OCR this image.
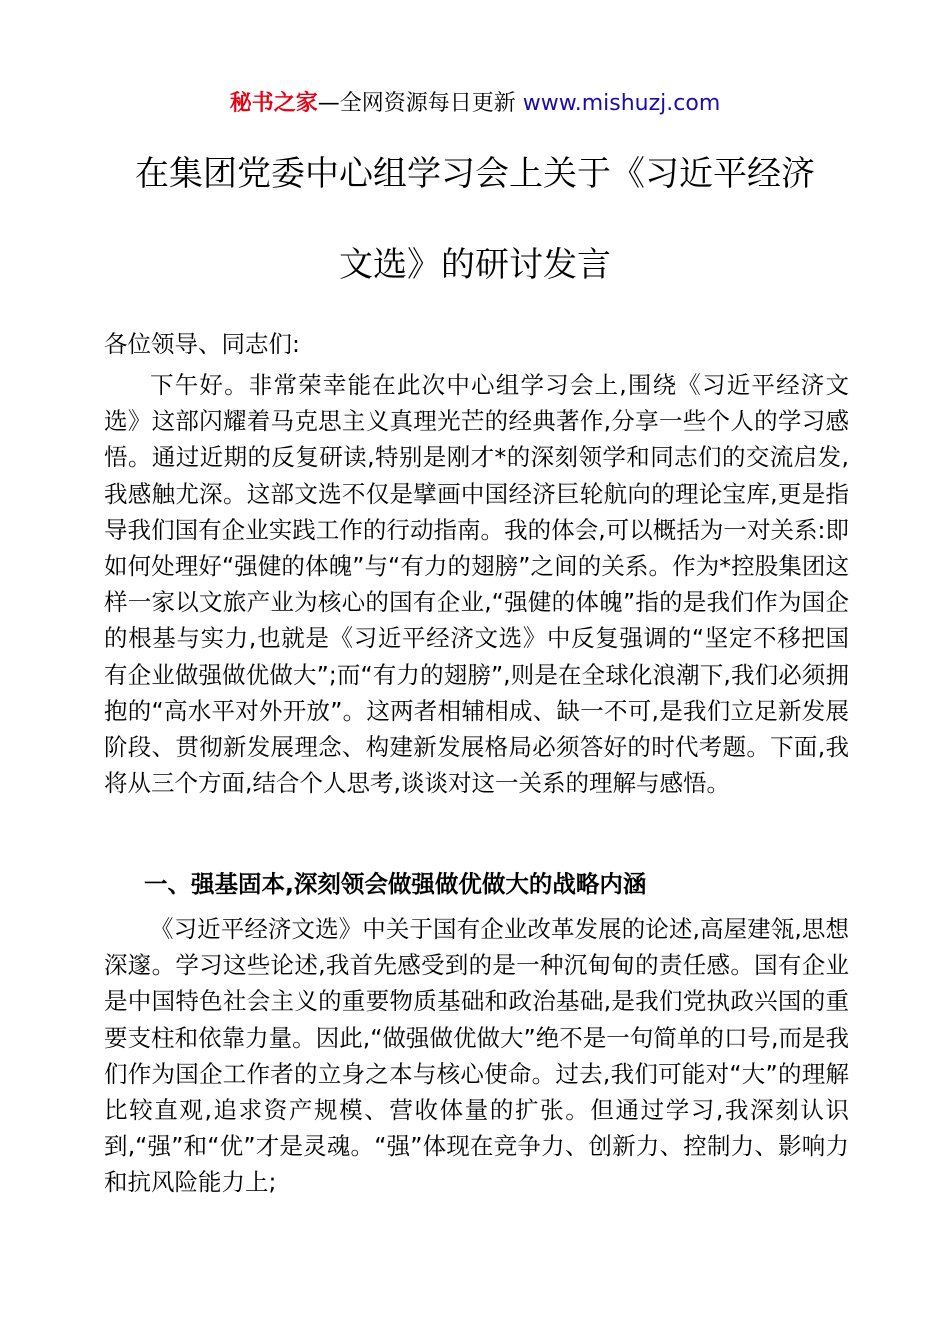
秘书之家—全网资源每日更新 www.mishuzj.com
在集团党委中心组学习会上关于《习近平经济
文选》的研讨发言

各位领导、同志们:

下午好。非常荣幸能在此次中心组学习会上,围绕《习近平经济文选》这部闪耀着马克思主义真理光芒的经典著作,分享一些个人的学习感悟。通过近期的反复研读,特别是刚才*的深刻领学和同志们的交流启发,我感触尤深。这部文选不仅是擘画中国经济巨轮航向的理论宝库,更是指导我们国有企业实践工作的行动指南。我的体会,可以概括为一对关系:即如何处理好“强健的体魄”与“有力的翅膀”之间的关系。作为*控股集团这样一家以文旅产业为核心的国有企业,“强健的体魄”指的是我们作为国企的根基与实力,也就是《习近平经济文选》中反复强调的“坚定不移把国有企业做强做优做大”;而“有力的翅膀”,则是在全球化浪潮下,我们必须拥抱的“高水平对外开放”。这两者相辅相成、缺一不可,是我们立足新发展阶段、贯彻新发展理念、构建新发展格局必须答好的时代考题。下面,我将从三个方面,结合个人思考,谈谈对这一关系的理解与感悟。

一、强基固本,深刻领会做强做优做大的战略内涵

《习近平经济文选》中关于国有企业改革发展的论述,高屋建瓴,思想深邃。学习这些论述,我首先感受到的是一种沉甸甸的责任感。国有企业是中国特色社会主义的重要物质基础和政治基础,是我们党执政兴国的重要支柱和依靠力量。因此,“做强做优做大”绝不是一句简单的口号,而是我们作为国企工作者的立身之本与核心使命。过去,我们可能对“大”的理解比较直观,追求资产规模、营收体量的扩张。但通过学习,我深刻认识到,“强”和“优”才是灵魂。“强”体现在竞争力、创新力、控制力、影响力和抗风险能力上;
